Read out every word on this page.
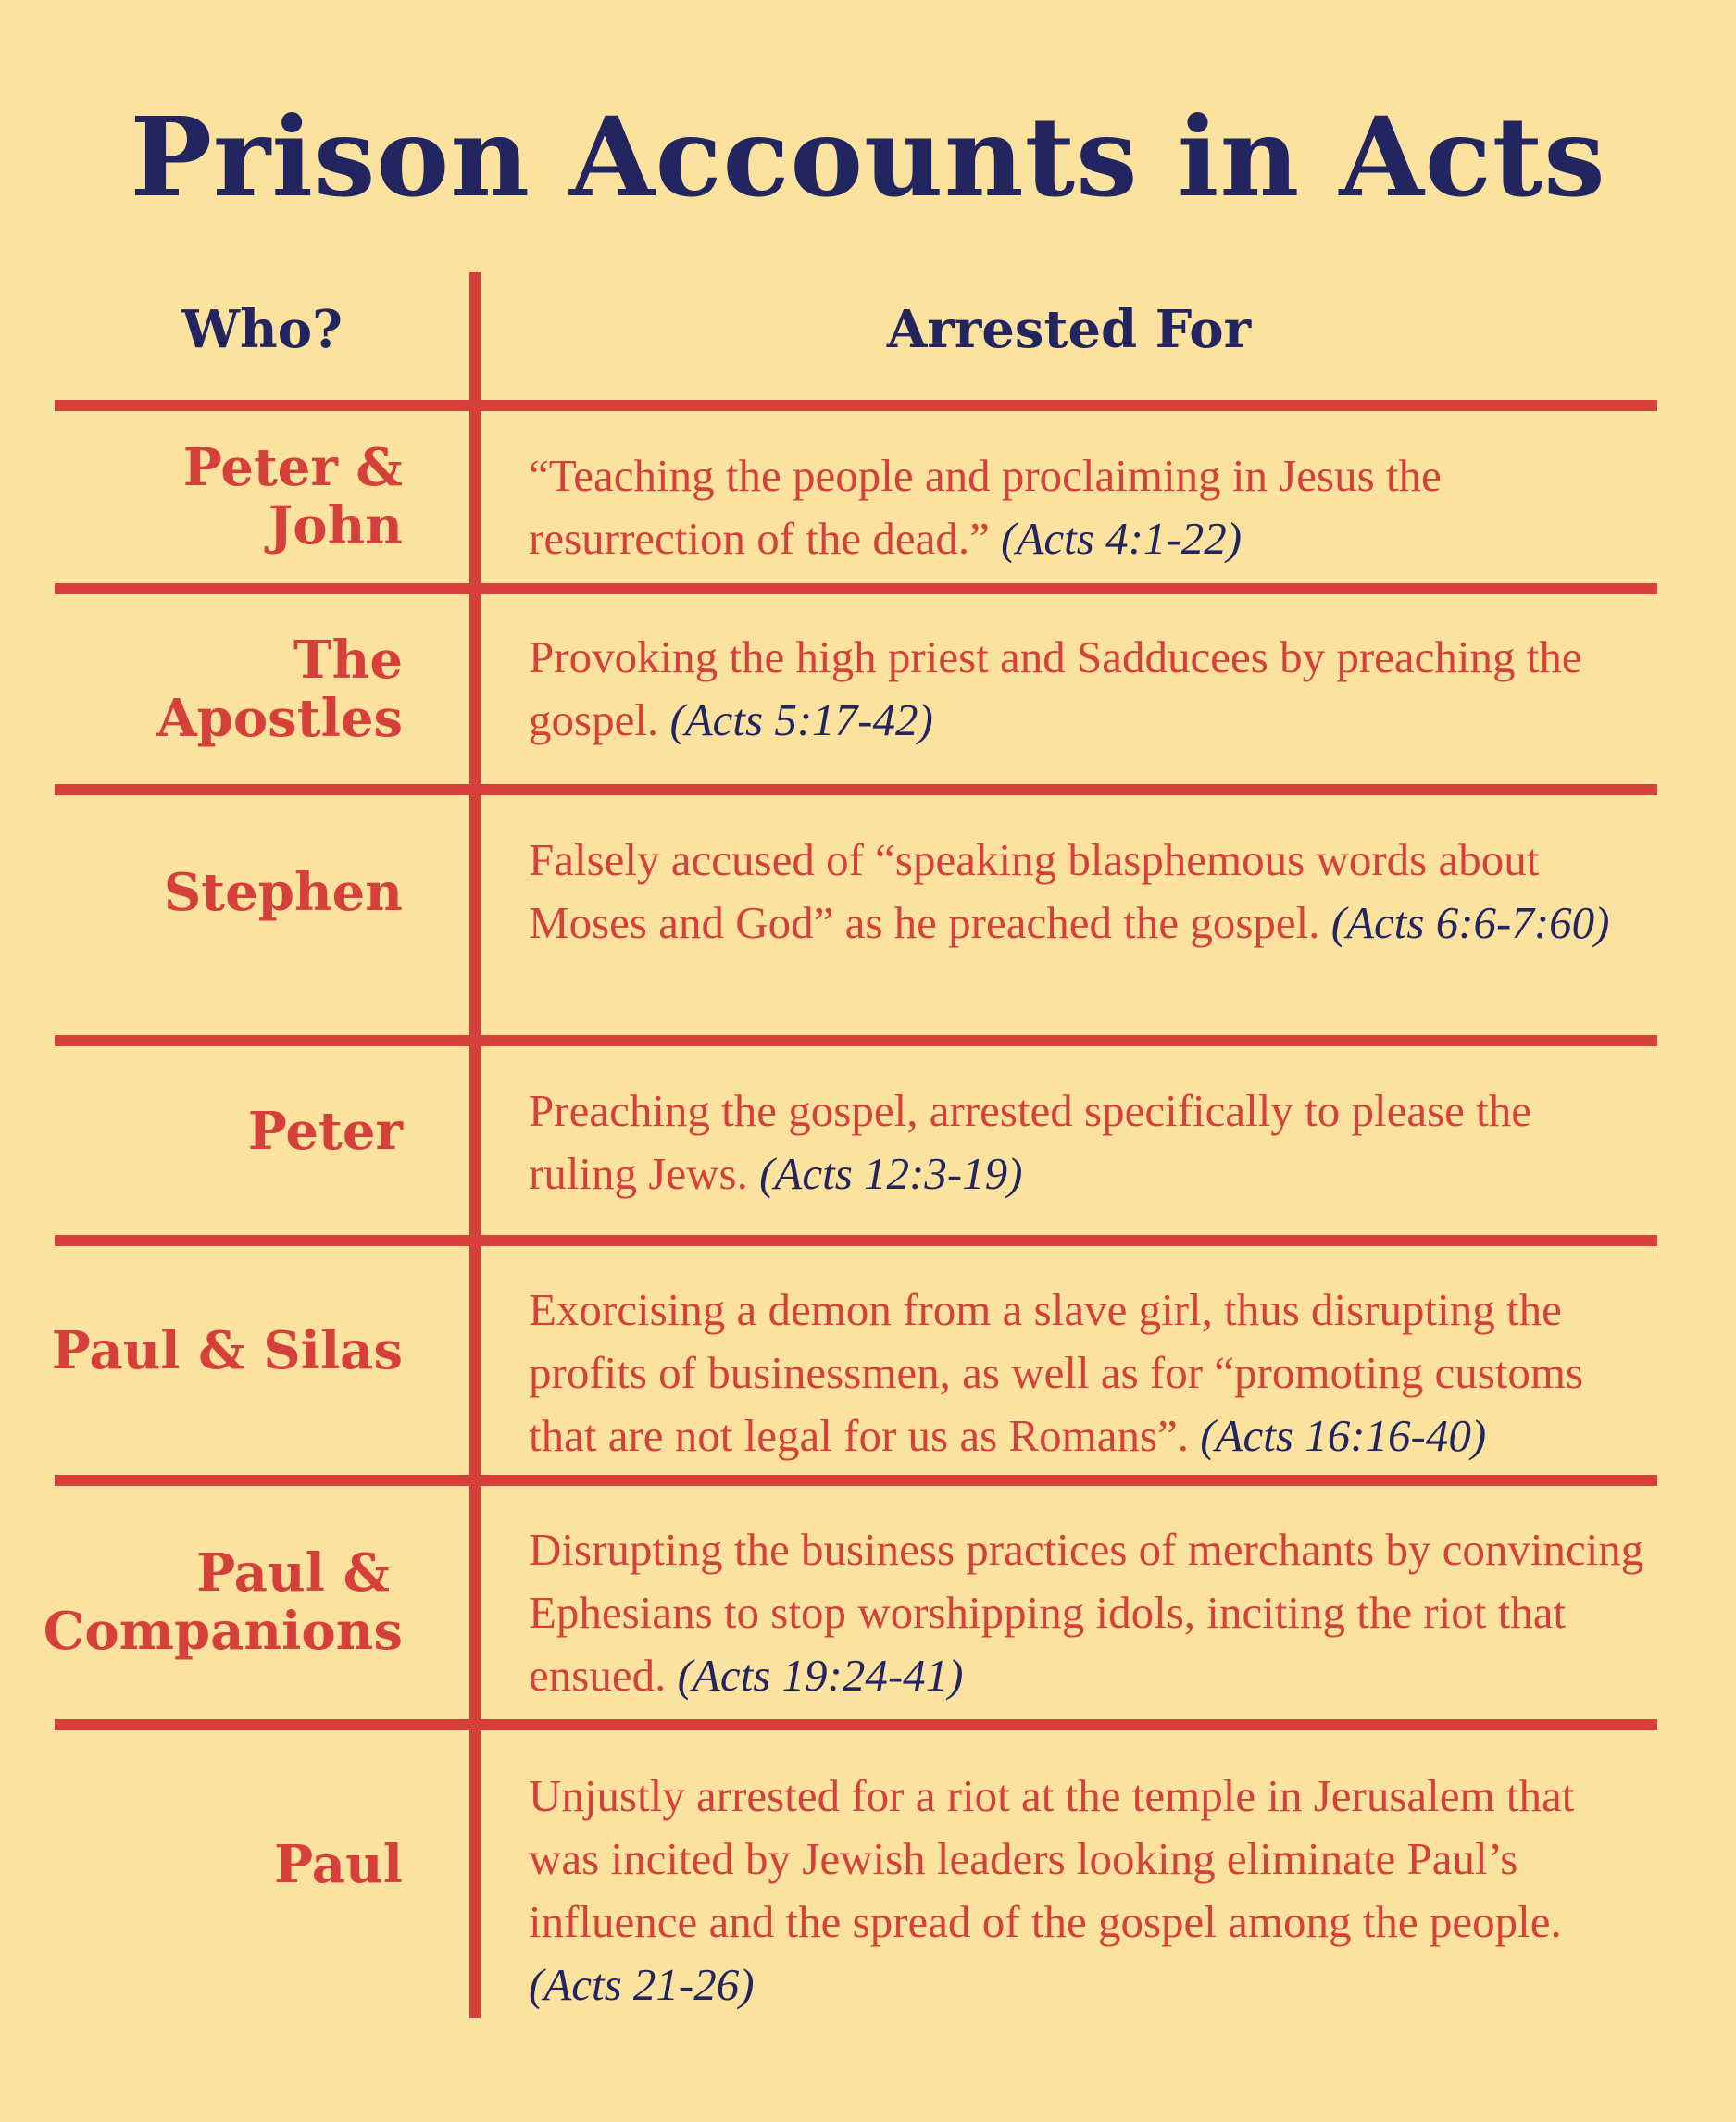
Prison Accounts in Acts
Who?	Arrested For
Peter & John
“Teaching the people and proclaiming in Jesus the resurrection of the dead.” (Acts 4:1-22)
The Apostles
Provoking the high priest and Sadducees by preaching the gospel. (Acts 5:17-42)
Stephen
Falsely accused of “speaking blasphemous words about Moses and God” as he preached the gospel. (Acts 6:6-7:60)
Peter	Preaching the gospel, arrested specifically to please the ruling Jews. (Acts 12:3-19)
Paul & Silas
Exorcising a demon from a slave girl, thus disrupting the profits of businessmen, as well as for “promoting customs that are not legal for us as Romans”. (Acts 16:16-40)
Paul &
Companions
Disrupting the business practices of merchants by convincing Ephesians to stop worshipping idols, inciting the riot that ensued. (Acts 19:24-41)
Paul
Unjustly arrested for a riot at the temple in Jerusalem that was incited by Jewish leaders looking eliminate Paul’s influence and the spread of the gospel among the people. (Acts 21-26)
